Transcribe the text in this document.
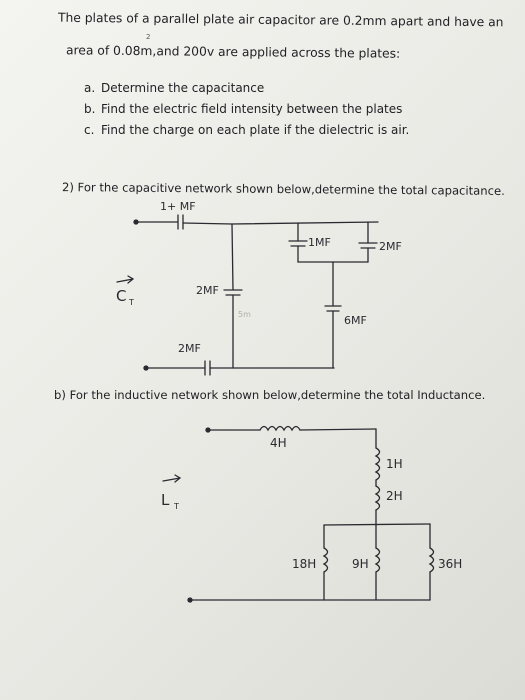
The plates of a parallel plate air capacitor are 0.2mm apart and have an
2
area of 0.08m,and 200v are applied across the plates:
a. Determine the capacitance
b. Find the electric field intensity between the plates
c. Find the charge on each plate if the dielectric is air.
2) For the capacitive network shown below,determine the total capacitance.
b) For the inductive network shown below,determine the total Inductance.
1+ MF
1MF	2MF
2MF
6MF
2MF
C T
5m
4H
1H
2H
18H	9H	36H
L T
